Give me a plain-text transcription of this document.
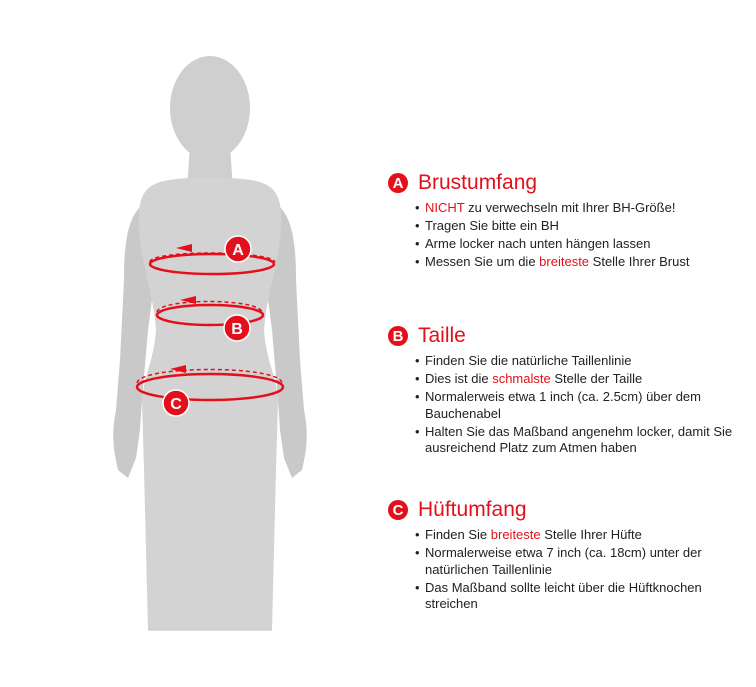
A
B
C
A Brustumfang
• NICHT zu verwechseln mit Ihrer BH-Größe!
• Tragen Sie bitte ein BH
• Arme locker nach unten hängen lassen
• Messen Sie um die breiteste Stelle Ihrer Brust
B Taille
• Finden Sie die natürliche Taillenlinie
• Dies ist die schmalste Stelle der Taille
• Normalerweis etwa 1 inch (ca. 2.5cm) über dem Bauchenabel
• Halten Sie das Maßband angenehm locker, damit Sie ausreichend Platz zum Atmen haben
C Hüftumfang
• Finden Sie breiteste Stelle Ihrer Hüfte
• Normalerweise etwa 7 inch (ca. 18cm) unter der natürlichen Taillenlinie
• Das Maßband sollte leicht über die Hüftknochen streichen
